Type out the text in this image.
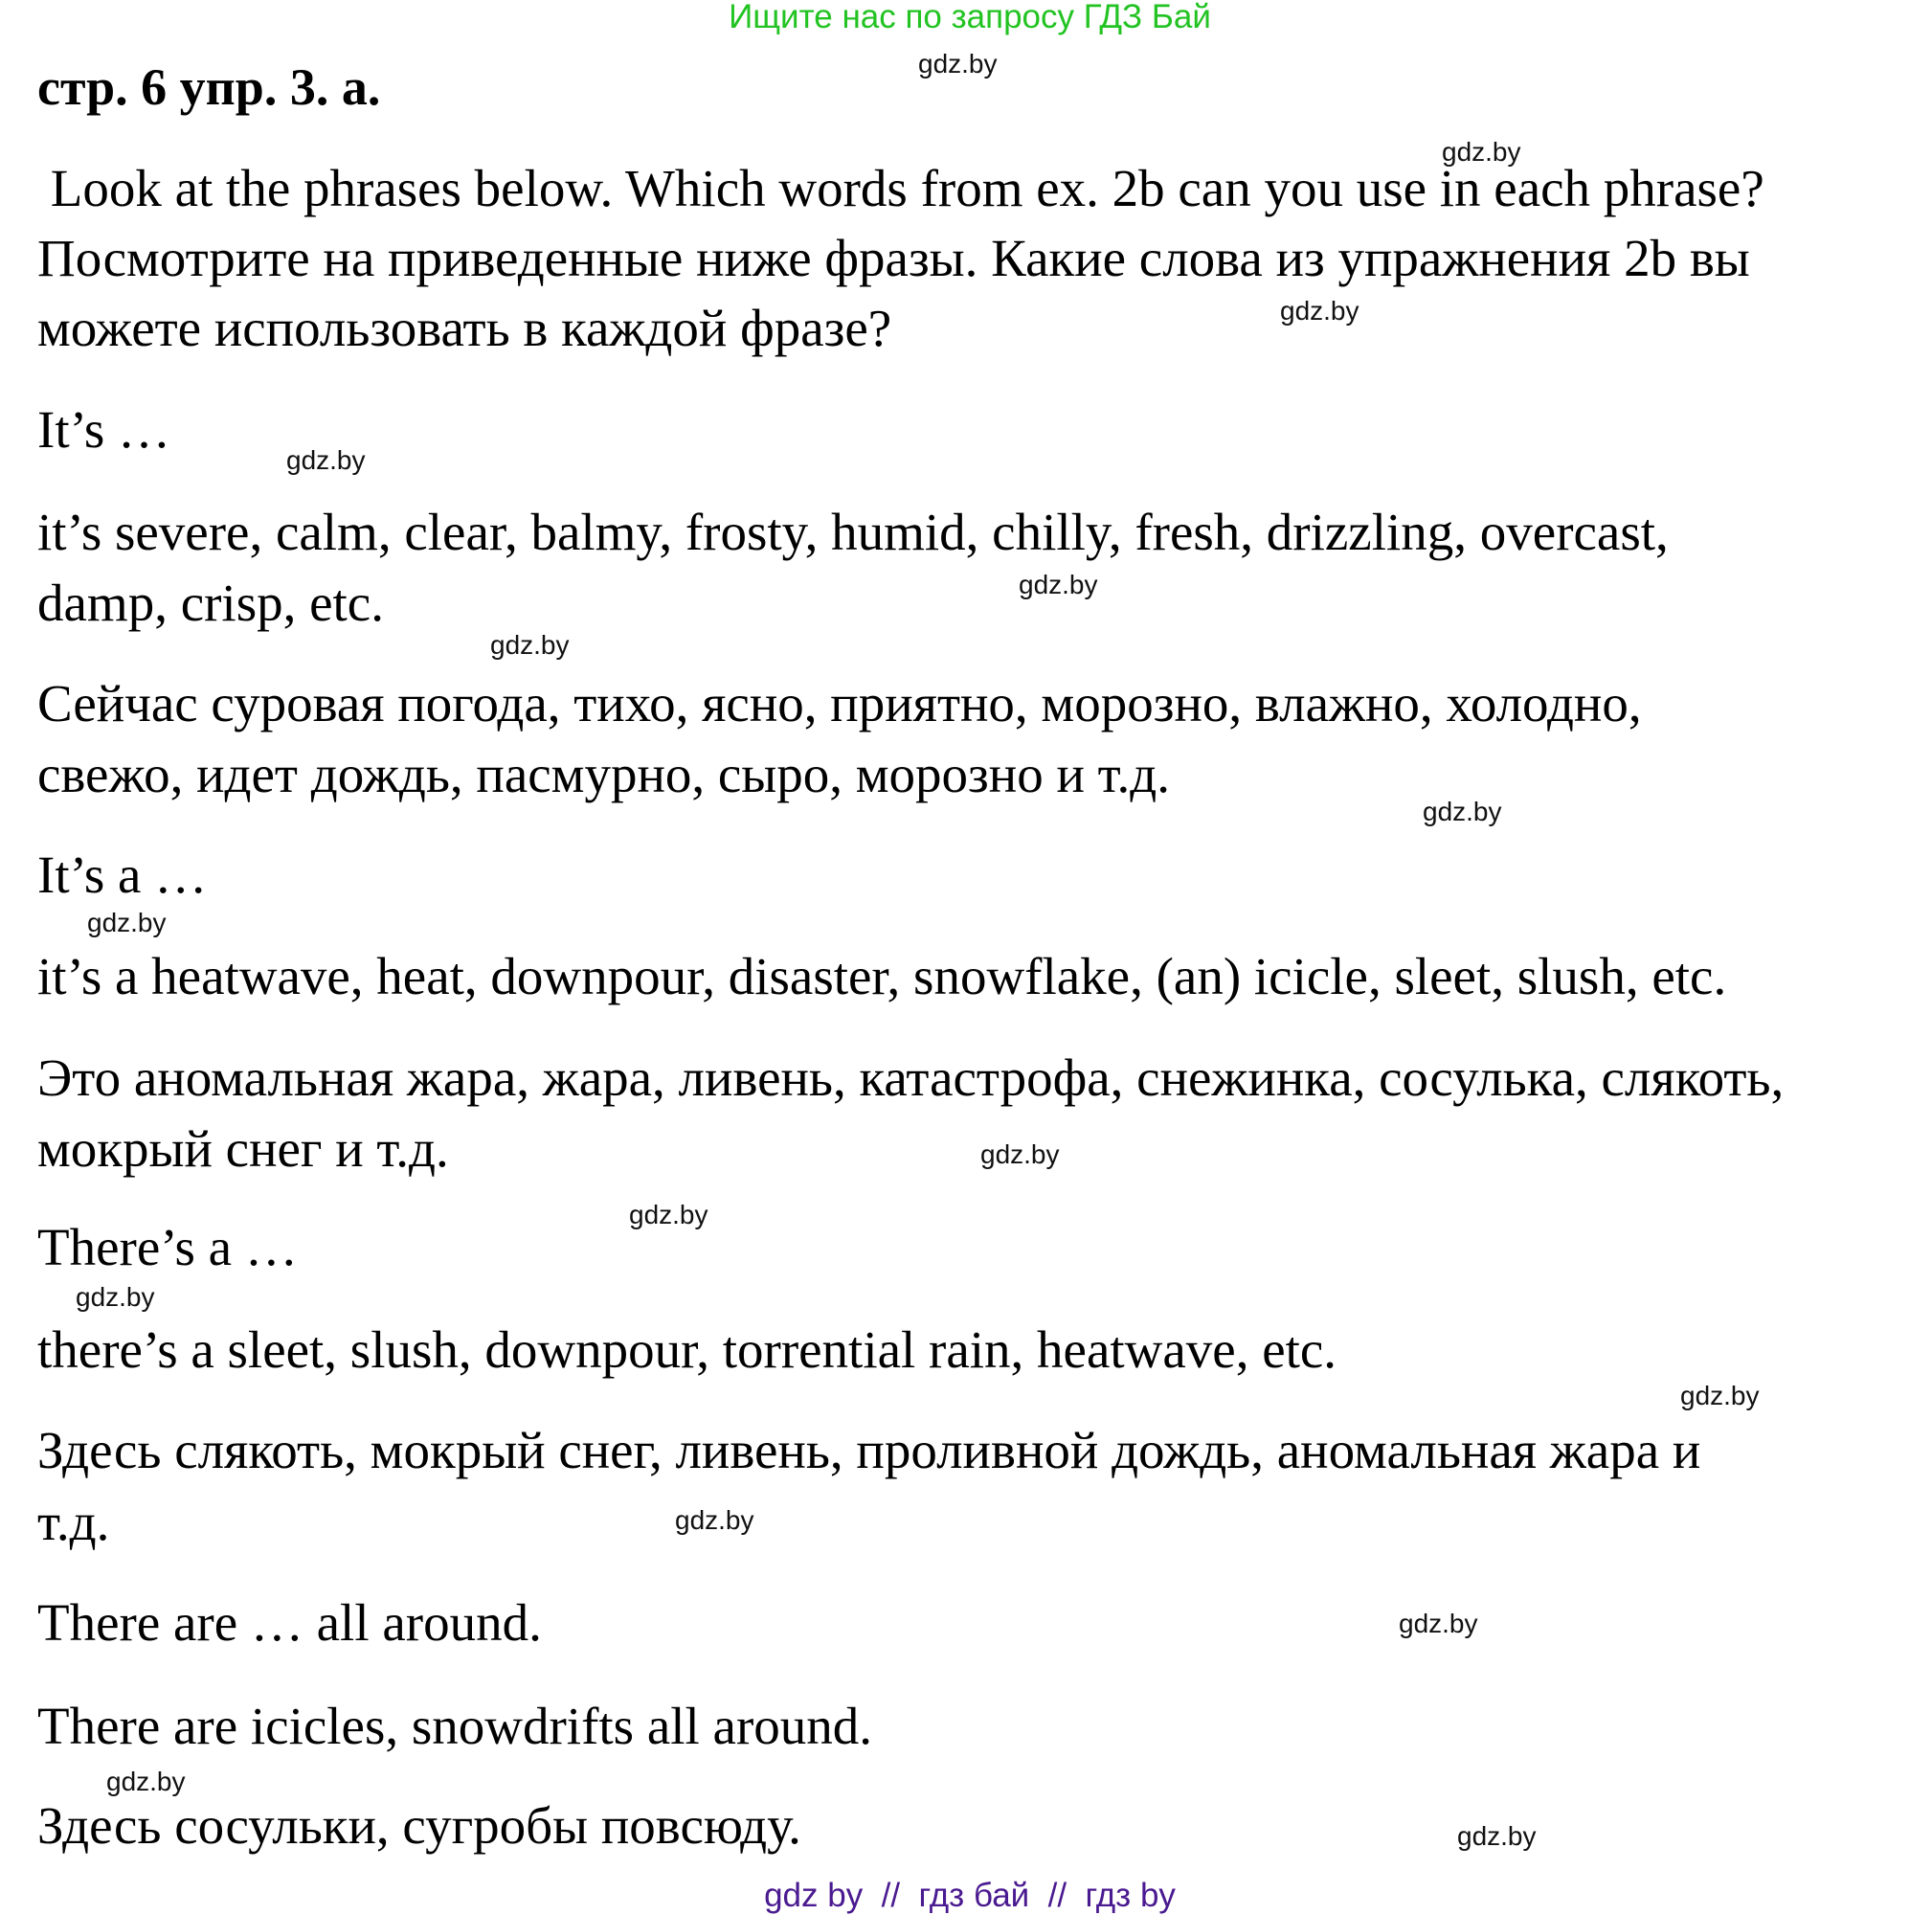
Ищите нас по запросу ГДЗ Бай
стр. 6 упр. 3. а.
Look at the phrases below. Which words from ex. 2b can you use in each phrase?
Посмотрите на приведенные ниже фразы. Какие слова из упражнения 2b вы
можете использовать в каждой фразе?
It’s …
it’s severe, calm, clear, balmy, frosty, humid, chilly, fresh, drizzling, overcast,
damp, crisp, etc.
Сейчас суровая погода, тихо, ясно, приятно, морозно, влажно, холодно,
свежо, идет дождь, пасмурно, сыро, морозно и т.д.
It’s a …
it’s a heatwave, heat, downpour, disaster, snowflake, (an) icicle, sleet, slush, etc.
Это аномальная жара, жара, ливень, катастрофа, снежинка, сосулька, слякоть,
мокрый снег и т.д.
There’s a …
there’s a sleet, slush, downpour, torrential rain, heatwave, etc.
Здесь слякоть, мокрый снег, ливень, проливной дождь, аномальная жара и
т.д.
There are … all around.
There are icicles, snowdrifts all around.
Здесь сосульки, сугробы повсюду.
gdz.by
gdz.by
gdz.by
gdz.by
gdz.by
gdz.by
gdz.by
gdz.by
gdz.by
gdz.by
gdz.by
gdz.by
gdz.by
gdz.by
gdz.by
gdz.by
gdz by  //  гдз бай  //  гдз by
